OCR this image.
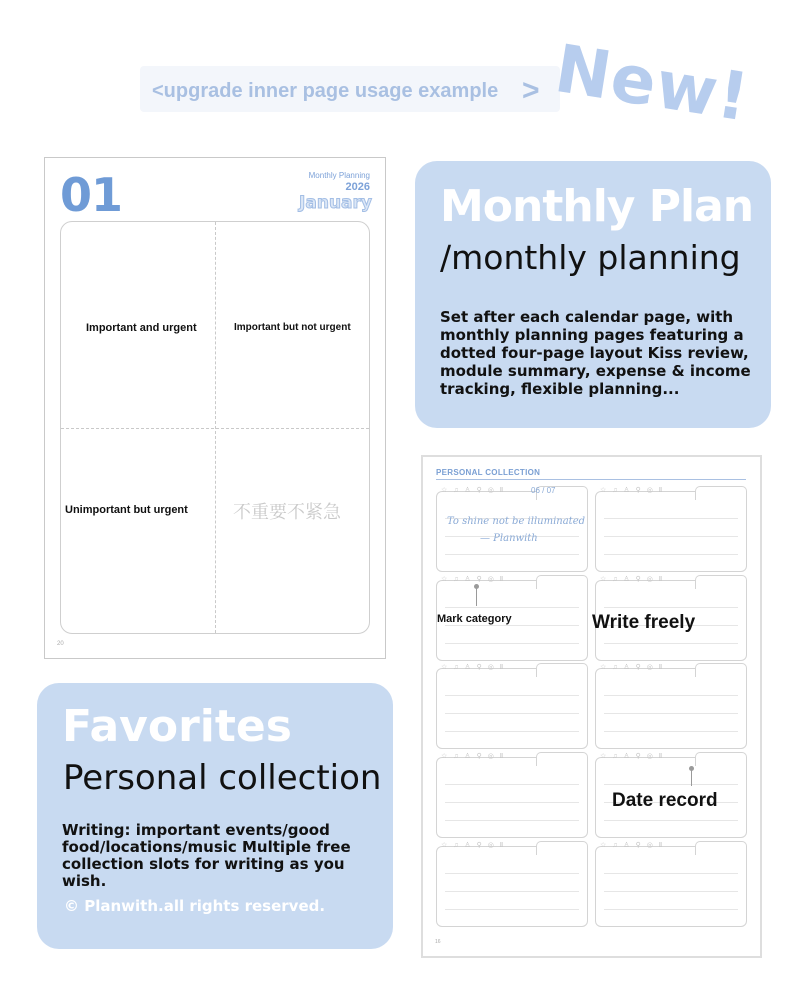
<upgrade inner page usage example > New!
01	Monthly Planning
2026
January
Important and urgent	Important but not urgent
Unimportant but urgent	不重要不紧急
20
Monthly Plan
/monthly planning
Set after each calendar page, with monthly planning pages featuring a dotted four-page layout Kiss review, module summary, expense & income tracking, flexible planning...
Favorites
Personal collection
Writing: important events/good food/locations/music Multiple free collection slots for writing as you wish.
© Planwith.all rights reserved.
PERSONAL COLLECTION
☆ ♫ ♙ ⚲ ◎ Ⅱ	☆ ♫ ♙ ⚲ ◎ Ⅱ
☆ ♫ ♙ ⚲ ◎ Ⅱ	☆ ♫ ♙ ⚲ ◎ Ⅱ
☆ ♫ ♙ ⚲ ◎ Ⅱ	☆ ♫ ♙ ⚲ ◎ Ⅱ
☆ ♫ ♙ ⚲ ◎ Ⅱ	☆ ♫ ♙ ⚲ ◎ Ⅱ
☆ ♫ ♙ ⚲ ◎ Ⅱ	☆ ♫ ♙ ⚲ ◎ Ⅱ
06 / 07
To shine not be illuminated
— Planwith
Mark category	Write freely
Date record
16
